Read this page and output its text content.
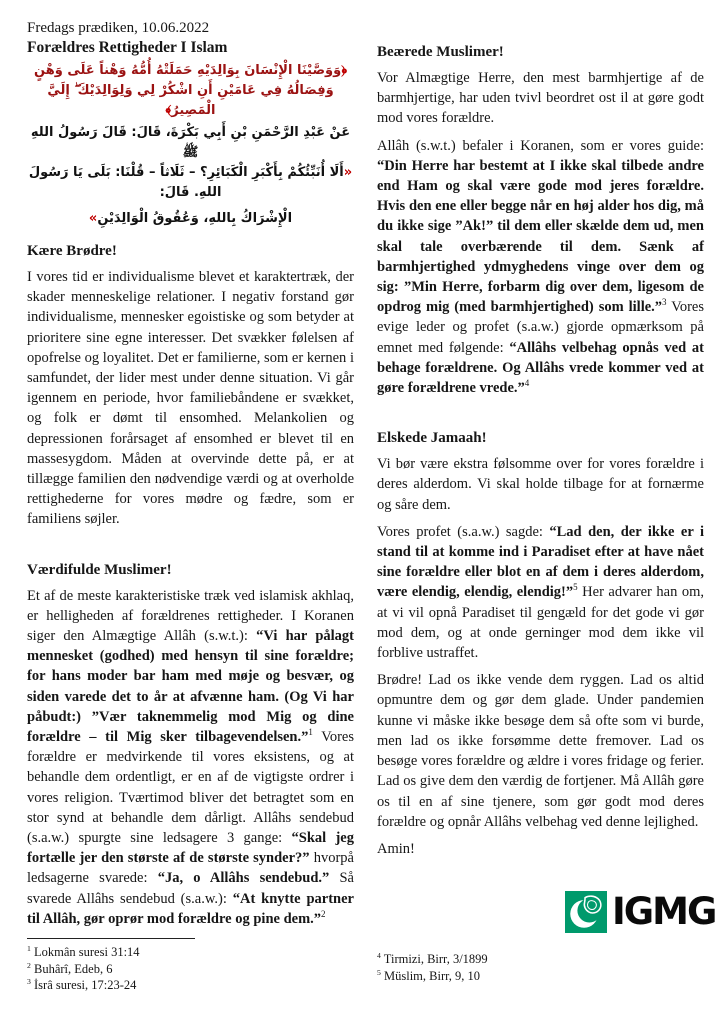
Fredags prædiken, 10.06.2022
Forældres Rettigheder I Islam
﴿وَوَصَّيْنَا الْإِنْسَانَ بِوَالِدَيْهِ حَمَلَتْهُ أُمُّهُ وَهْناً عَلَى وَهْنٍ وَفِصَالُهُ فِي عَامَيْنِ أَنِ اشْكُرْ لِي وَلِوَالِدَيْكَ ۖ إِلَيَّ الْمَصِيرُ﴾
عَنْ عَبْدِ الرَّحْمَنِ بْنِ أَبِي بَكْرَةَ، قَالَ: قَالَ رَسُولُ اللهِ ﷺ
«أَلَا أُنَبِّئُكُمْ بِأَكْبَرِ الْكَبَائِرِ؟ – ثَلَاثاً – قُلْنَا: بَلَى يَا رَسُولَ اللهِ. قَالَ:
الْإِشْرَاكُ بِاللهِ، وَعُقُوقُ الْوَالِدَيْنِ»
Kære Brødre!

I vores tid er individualisme blevet et karaktertræk, der skader menneskelige relationer. I negativ forstand gør individualisme, mennesker egoistiske og som betyder at prioritere sine egne interesser. Det svækker følelsen af opofrelse og loyalitet. Det er familierne, som er kernen i samfundet, der lider mest under denne situation. Vi går igennem en periode, hvor familiebåndene er svækket, og folk er dømt til ensomhed. Melankolien og depressionen forårsaget af ensomhed er blevet til en massesygdom. Måden at overvinde dette på, er at tillægge familien den nødvendige værdi og at overholde rettighederne for vores mødre og fædre, som er familiens søjler.

Værdifulde Muslimer!

Et af de meste karakteristiske træk ved islamisk akhlaq, er helligheden af forældrenes rettigheder. I Koranen siger den Almægtige Allâh (s.w.t.): “Vi har pålagt mennesket (godhed) med hensyn til sine forældre; for hans moder bar ham med møje og besvær, og siden varede det to år at afvænne ham. (Og Vi har påbudt:) ”Vær taknemmelig mod Mig og dine forældre – til Mig sker tilbagevendelsen.”$^1$ Vores forældre er medvirkende til vores eksistens, og at behandle dem ordentligt, er en af de vigtigste ordrer i vores religion. Tværtimod bliver det betragtet som en stor synd at behandle dem dårligt. Allâhs sendebud (s.a.w.) spurgte sine ledsagere 3 gange: “Skal jeg fortælle jer den største af de største synder?” hvorpå ledsagerne svarede: “Ja, o Allâhs sendebud.” Så svarede Allâhs sendebud (s.a.w.): “At knytte partner til Allâh, gør oprør mod forældre og pine dem.”$^2$

Beærede Muslimer!

Vor Almægtige Herre, den mest barmhjertige af de barmhjertige, har uden tvivl beordret ost il at gøre godt mod vores forældre.

Allâh (s.w.t.) befaler i Koranen, som er vores guide: “Din Herre har bestemt at I ikke skal tilbede andre end Ham og skal være gode mod jeres forældre. Hvis den ene eller begge når en høj alder hos dig, må du ikke sige ”Ak!” til dem eller skælde dem ud, men skal tale overbærende til dem. Sænk af barmhjertighed ydmyghedens vinge over dem og sig: ”Min Herre, forbarm dig over dem, ligesom de opdrog mig (med barmhjertighed) som lille.”$^3$ Vores evige leder og profet (s.a.w.) gjorde opmærksom på emnet med følgende: “Allâhs velbehag opnås ved at behage forældrene. Og Allâhs vrede kommer ved at gøre forældrene vrede.”$^4$

Elskede Jamaah!

Vi bør være ekstra følsomme over for vores forældre i deres alderdom. Vi skal holde tilbage for at fornærme og såre dem.

Vores profet (s.a.w.) sagde: “Lad den, der ikke er i stand til at komme ind i Paradiset efter at have nået sine forældre eller blot en af dem i deres alderdom, være elendig, elendig, elendig!”$^5$ Her advarer han om, at vi vil opnå Paradiset til gengæld for det gode vi gør mod dem, og at onde gerninger mod dem ikke vil forblive ustraffet.

Brødre! Lad os ikke vende dem ryggen. Lad os altid opmuntre dem og gør dem glade. Under pandemien kunne vi måske ikke besøge dem så ofte som vi burde, men lad os ikke forsømme dette fremover. Lad os besøge vores forældre og ældre i vores fridage og ferier. Lad os give dem den værdig de fortjener. Må Allâh gøre os til en af sine tjenere, som gør godt mod deres forældre og opnår Allâhs velbehag ved denne lejlighed.

Amin!

$^1$ Lokmân suresi 31:14
$^2$ Buhârî, Edeb, 6
$^3$ İsrâ suresi, 17:23-24
$^4$ Tirmizi, Birr, 3/1899
$^5$ Müslim, Birr, 9, 10
IGMG
